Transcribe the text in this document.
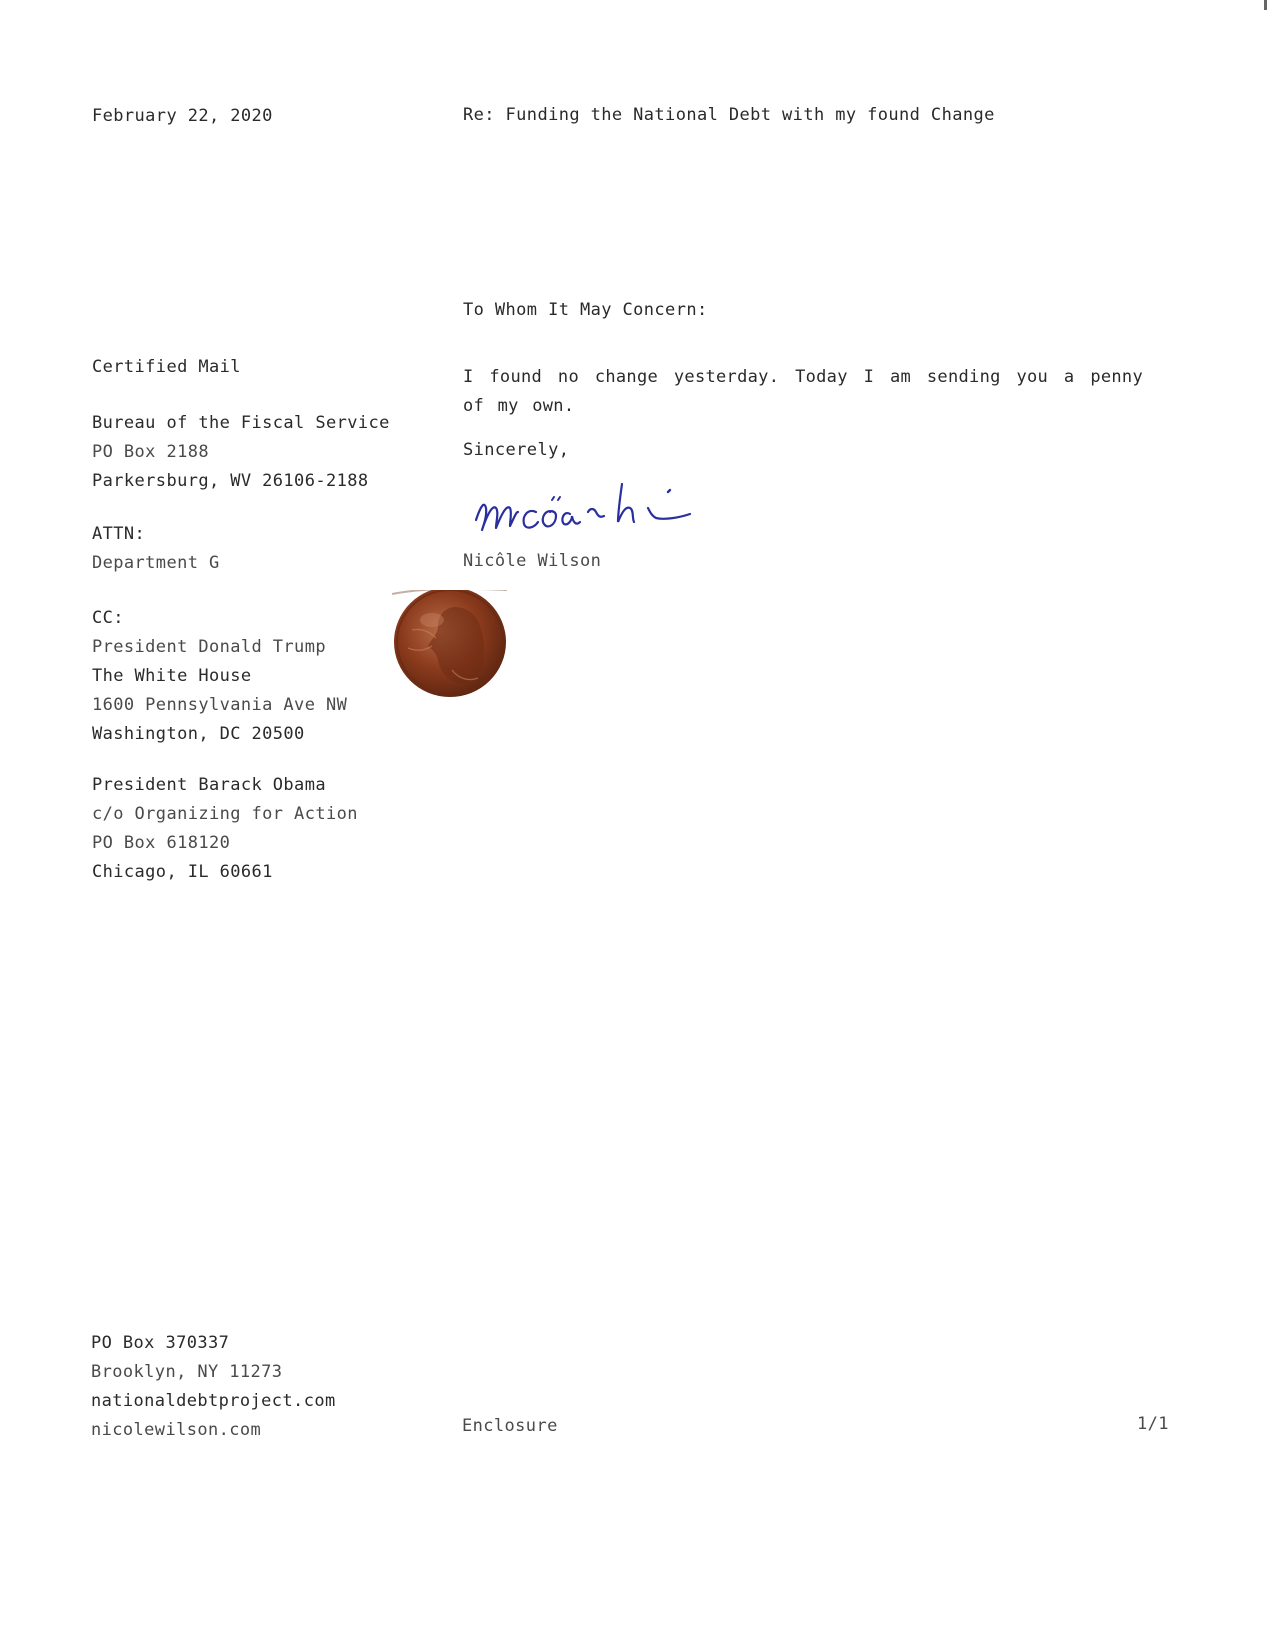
February 22, 2020	Re: Funding the National Debt with my found Change
To Whom It May Concern:
Certified Mail
Bureau of the Fiscal Service
PO Box 2188
Parkersburg, WV 26106-2188
ATTN:
Department G
CC:
President Donald Trump
The White House
1600 Pennsylvania Ave NW
Washington, DC 20500
President Barack Obama
c/o Organizing for Action
PO Box 618120
Chicago, IL 60661
I found no change yesterday. Today I am sending you a penny of my own.
Sincerely,
Nicôle Wilson
PO Box 370337
Brooklyn, NY 11273
nationaldebtproject.com
nicolewilson.com	Enclosure	1/1
